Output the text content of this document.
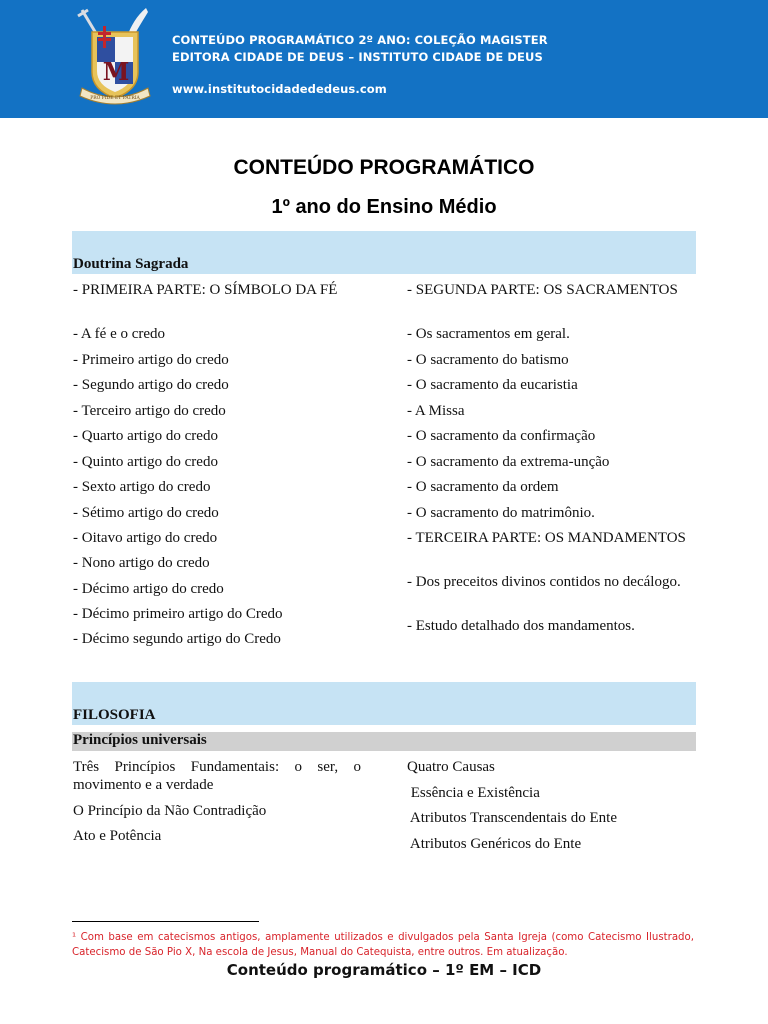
M
PRO FIDE ET PATRIA
CONTEÚDO PROGRAMÁTICO 2º ANO: COLEÇÃO MAGISTER
EDITORA CIDADE DE DEUS – INSTITUTO CIDADE DE DEUS
www.institutocidadededeus.com
CONTEÚDO PROGRAMÁTICO
1º ano do Ensino Médio
Doutrina Sagrada
- PRIMEIRA PARTE: O SÍMBOLO DA FÉ
- A fé e o credo
- Primeiro artigo do credo
- Segundo artigo do credo
- Terceiro artigo do credo
- Quarto artigo do credo
- Quinto artigo do credo
- Sexto artigo do credo
- Sétimo artigo do credo
- Oitavo artigo do credo
- Nono artigo do credo
- Décimo artigo do credo
- Décimo primeiro artigo do Credo
- Décimo segundo artigo do Credo
- SEGUNDA PARTE: OS SACRAMENTOS
- Os sacramentos em geral.
- O sacramento do batismo
- O sacramento da eucaristia
- A Missa
- O sacramento da confirmação
- O sacramento da extrema-unção
- O sacramento da ordem
- O sacramento do matrimônio.
- TERCEIRA PARTE: OS MANDAMENTOS
- Dos preceitos divinos contidos no decálogo.
- Estudo detalhado dos mandamentos.
FILOSOFIA
Princípios universais
Três Princípios Fundamentais: o ser, o movimento e a verdade
O Princípio da Não Contradição
Ato e Potência
Quatro Causas
Essência e Existência
Atributos Transcendentais do Ente
Atributos Genéricos do Ente
¹ Com base em catecismos antigos, amplamente utilizados e divulgados pela Santa Igreja (como Catecismo Ilustrado, Catecismo de São Pio X, Na escola de Jesus, Manual do Catequista, entre outros. Em atualização.
Conteúdo programático – 1º EM – ICD
